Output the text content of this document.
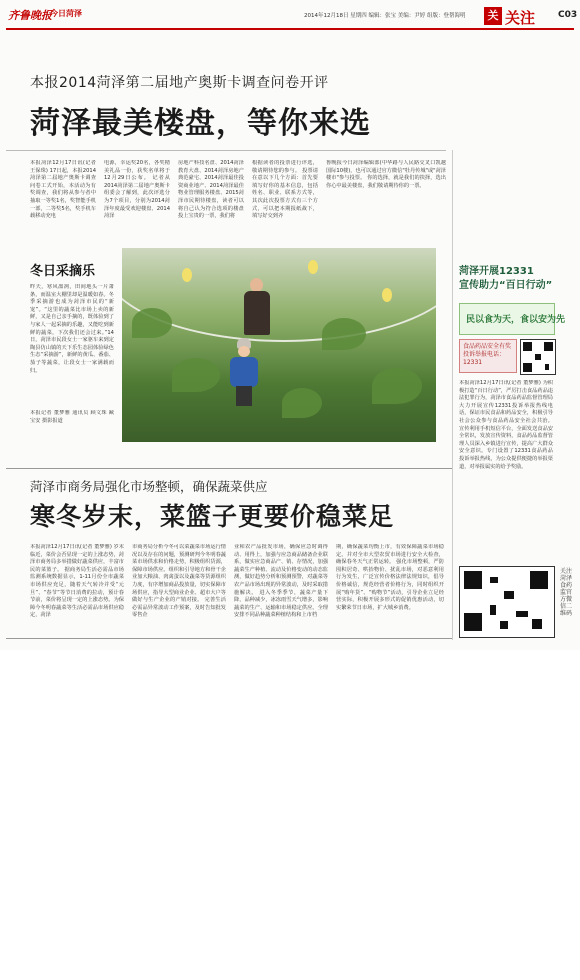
齐鲁晚报
今日菏泽	2014年12月18日 星期四 编辑：张宝 美编：尹婷 组版：登帮海明	关 关注	C03
本报2014菏泽第二届地产奥斯卡调查问卷开评
菏泽最美楼盘，等你来选
本报菏泽12月17日讯(记者王保珠) 17日起，本报2014菏泽第二届地产奥斯卡调查问卷工式开始，本活动为有奖调查，我们将从参与者中抽取一等奖1名，奖智能手机一部，二等奖5名，奖手机车载移动充电
电源，幸运奖20名，各奖精美礼品一份，获奖名单将于12月29日公布。 记者从2014菏泽第二届地产奥斯卡组委会了解到，此次评选分为7个项目，分别为2014菏泽年度最受欢迎楼盘、2014菏泽
房地产科技名盘、2014菏泽教育大盘、2014菏泽房地产典范豪宅、2014菏泽最佳投资商业地产、2014菏泽最佳物业管理服务楼盘、2015菏泽市民期待楼盘，读者可以将自己认为符合选项的楼盘投上宝贵的一票，我们将
根据读者的投票进行评选，敬请期待您的参与。 投票请在意以下几个方面：首先要填写好你的基本信息，包括姓名、职业、联系方式等，其次此次投票方式有三个方式，可以把本期报纸裁下，填写好交到齐
鲁晚报今日菏泽编辑部(中华路与人民路交叉口凯越国际10楼)，也可以通过官方微信"牡丹传城"或"菏泽楼市"参与投票。 你的选择，就是我们的抉择，选出你心中最美楼盘，我们敬请期待你的一票。
冬日采摘乐
昨天，寒风凛冽，田间地头一片萧条，而温室大棚里却是温暖如春。冬季采摘游也成为菏泽市民的“新宠”。“这里的蔬菜比市场上卖的新鲜，又是自己亲手摘的，既体验到了与家人一起采摘的乐趣，又能吃到新鲜的蔬菜，下次我们还会过来。”14日，菏泽市民段女士一家驱车来到定陶县仿山镇的天下乐生态园体验绿色生态“采摘游”，新鲜的黄瓜、番茄、茄子等蔬菜，让段女士一家满载而归。
本报记者 董梦雅 通讯员 顾文珠 臧宝安 摄影报道
菏泽市商务局强化市场整顿，确保蔬菜供应
寒冬岁末，菜篮子更要价稳菜足
本报菏泽12月17日讯(记者 董梦雅) 岁末临近，菜价会否显现一定的上涨态势，菏泽市商务局多举措做好蔬菜供应，丰富市民的菜篮子。 据商务局生活必需品市场监测系统数据显示，1-11月份全市蔬菜市场供应充足，随着天气转冷并受“元旦”、“春节”等节日消费的拉动，预计春节前，菜价将呈现一定的上涨态势。为保障今冬明春蔬菜等生活必需品市场供应稳定，菏泽
市商务局分析今冬可以菜蔬菜市场运行情况以及存在的问题，预测研判今冬明春蔬菜市场供求和价格走势，积极组织货源，保障市场供应。组织和引导地方和骨干企业加大粮油、肉禽蛋以及蔬菜等货源组织力度，有序增加商品投放量，切实保障市场供应，指导大型商业企业、超市大户等做好与生产企业的产销对接。 完善生活必需品异常波动工作预案，及时告知批发零售企
业和农产品批发市场，确保应急时调得动、用得上，加强与应急商品储备企业联系，做实应急商品产、销、存情况，加强蔬菜生产种植、流动及价格变动的动态监测，做好趋势分析和预测预警，对蔬菜等农产品市场出现的异常波动，及时采取措施解决。 进入冬季季节，蔬菜产量下降，品种减少，冰冻雨雪天气增多，影响蔬菜的生产、运输和市场稳定供应。全理安排不同品种蔬菜种植结构和上市档
期，确保蔬菜均衡上市，有效保障蔬菜市场稳定。并对全市大型农贸市场进行安全大检查，确保春冬天气正常运转。 强化市场整顿，严防囤积居奇、哄抬物价、扰乱市场，对恶意利用行为发生，广泛宣传价格法律法规知识，倡导价格诚信，规范经营者价格行为，同时组织开展“购年货”、“购物节”活动，引导企业立足经营实际，积极开展多形式的促销优惠活动，切实繁荣节日市场，扩大城乡消费。
菏泽开展12331
宣传助力“百日行动”
民以食为天，食以安为先
食品药品安全有奖投诉举报电话：12331
本报菏泽12月17日讯(记者 董梦雅) 为积极打造“百日行动”，严厉打击食品药品违法犯罪行为，菏泽市食品药品监督管理局大力开展宣传12331投诉举报热线电话，保证市民食品和药品安全，积极引导社会公众参与食品药品安全社会共治。 宣传利用手机短信平台，全面发送食品安全常识，发放宣传资料，食品药品监督管理人员深入乡镇进行宣传，提高广大群众安全意识。专门设置了12331食品药品投诉举报热线，为公众提供便捷的举报渠道，对举报属实的给予奖励。
关注菏泽食药监官方微信二维码
